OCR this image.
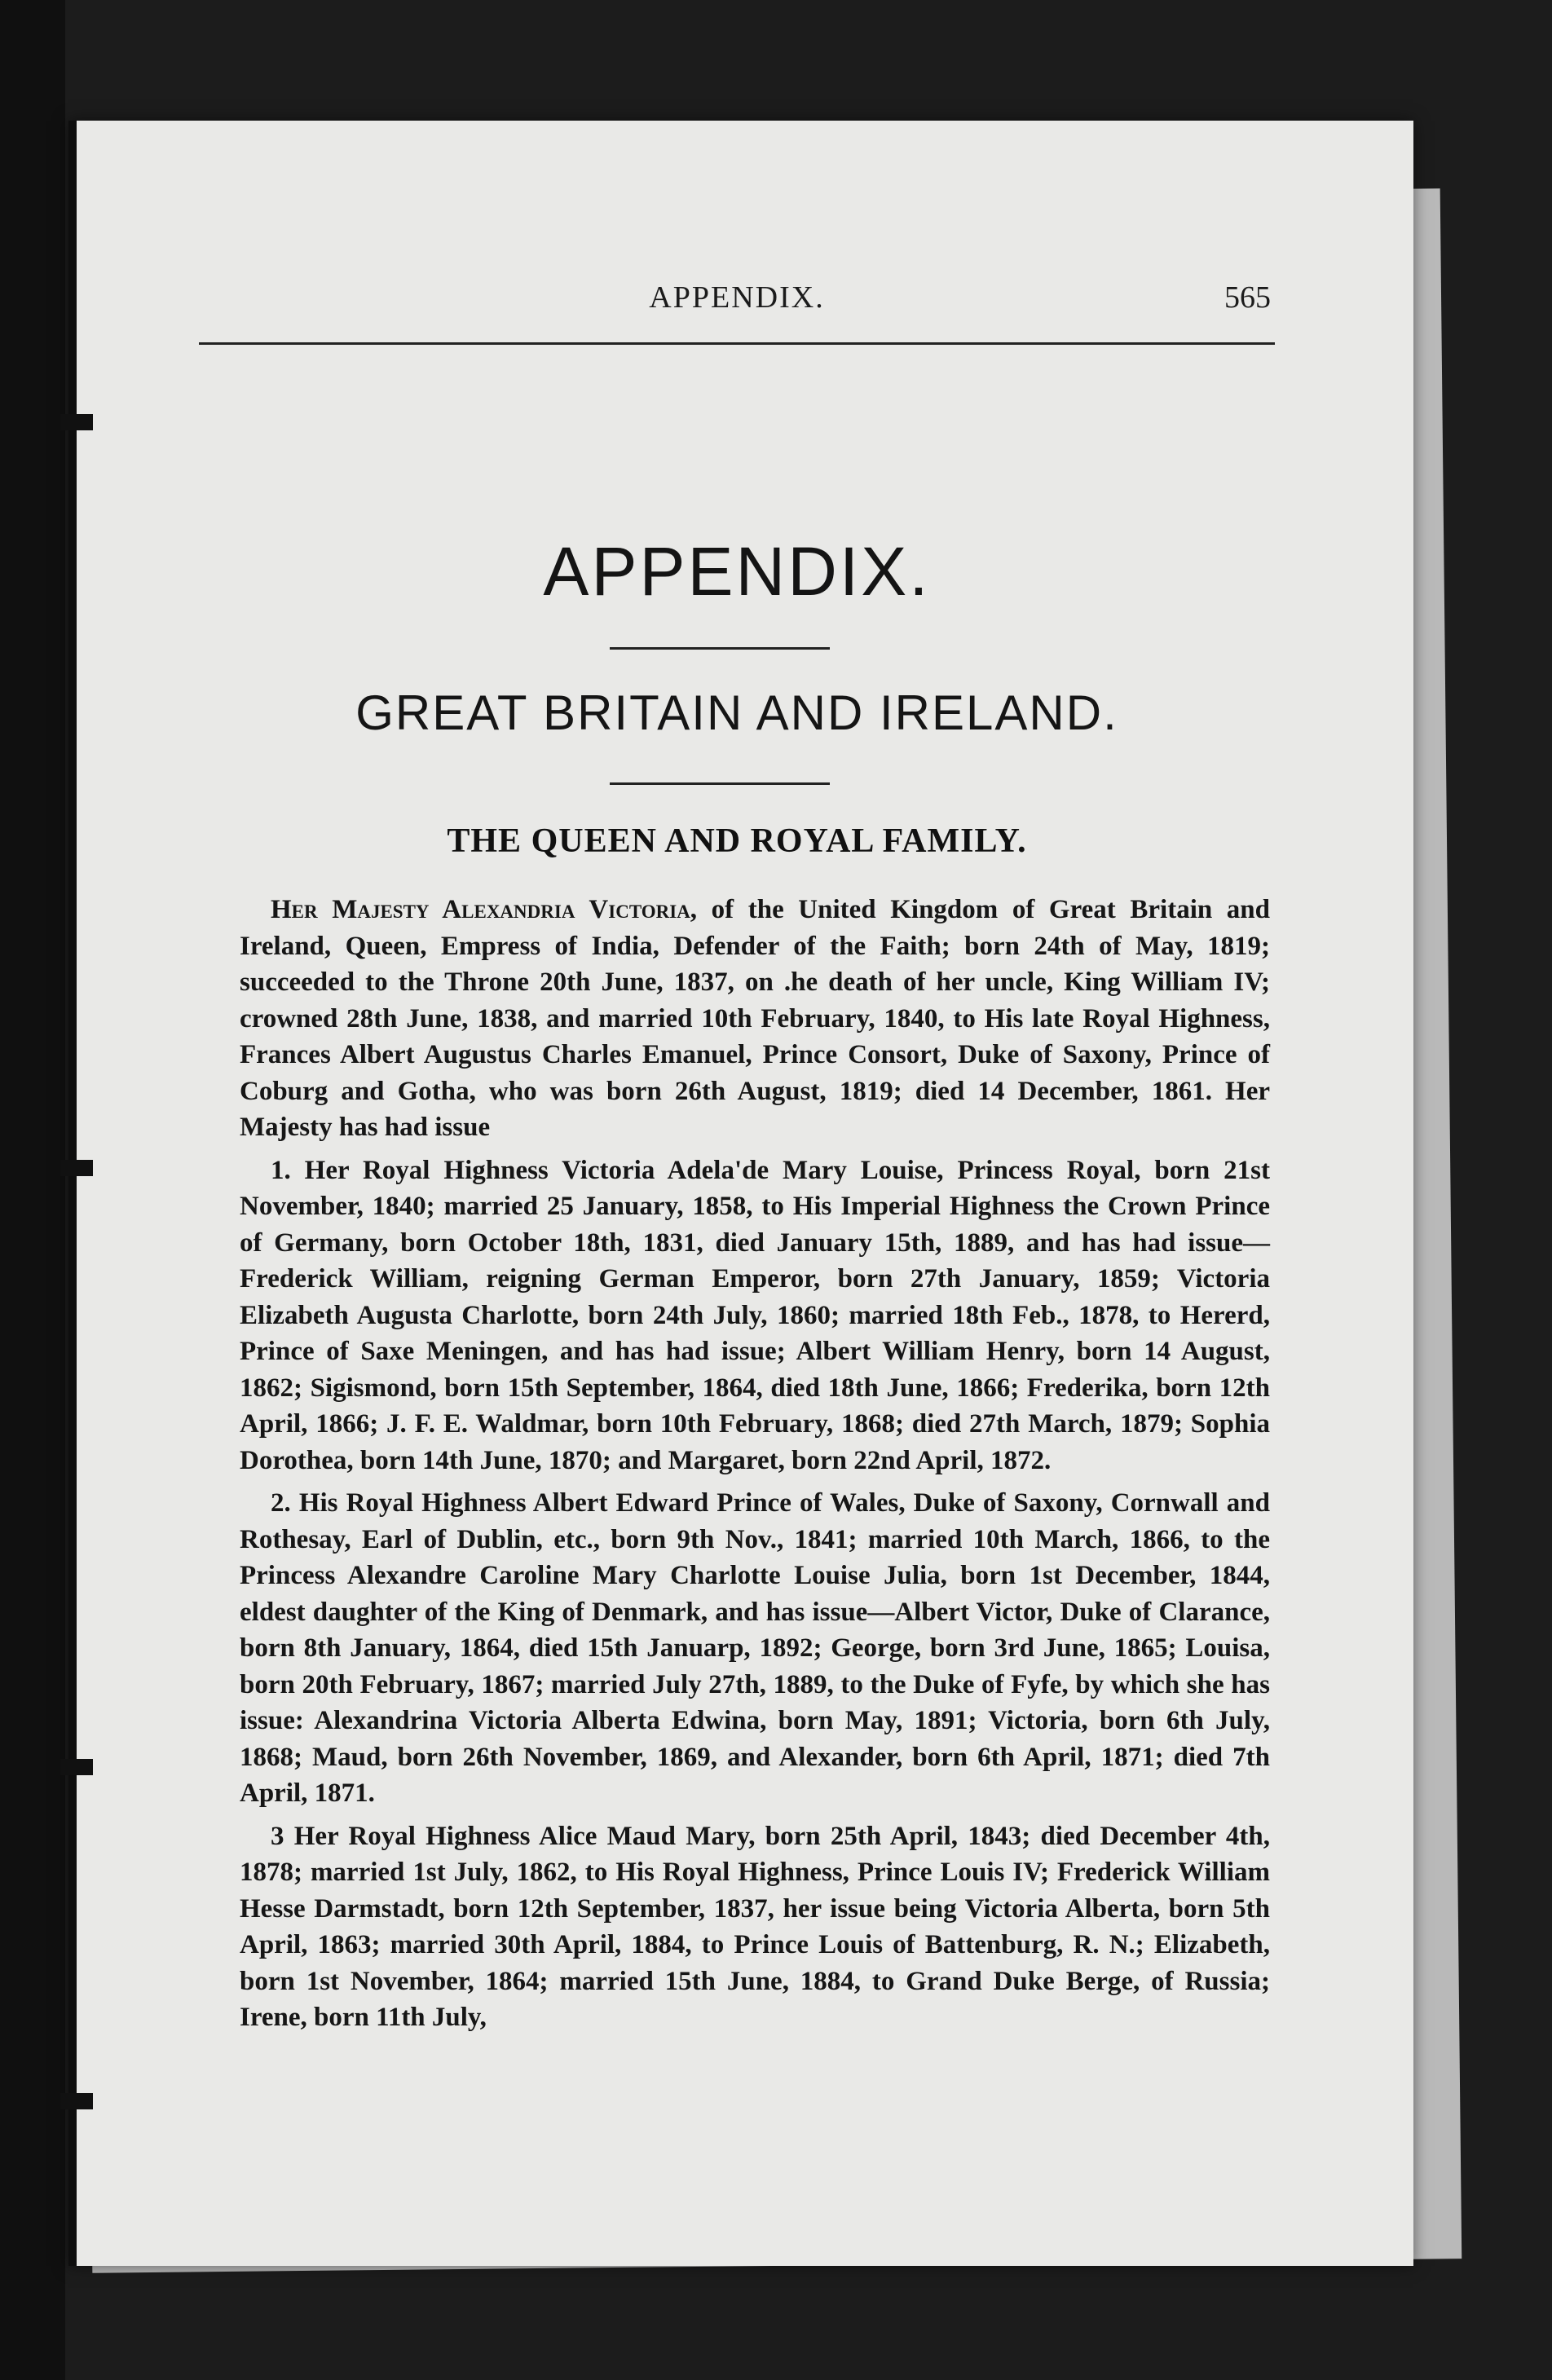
APPENDIX.	565
APPENDIX.
GREAT BRITAIN AND IRELAND.
THE QUEEN AND ROYAL FAMILY.

Her Majesty Alexandria Victoria, of the United Kingdom of Great Britain and Ireland, Queen, Empress of India, Defender of the Faith; born 24th of May, 1819; succeeded to the Throne 20th June, 1837, on .he death of her uncle, King William IV; crowned 28th June, 1838, and married 10th February, 1840, to His late Royal Highness, Frances Albert Augustus Charles Emanuel, Prince Consort, Duke of Saxony, Prince of Coburg and Gotha, who was born 26th August, 1819; died 14 December, 1861. Her Majesty has had issue

1. Her Royal Highness Victoria Adela'de Mary Louise, Princess Royal, born 21st November, 1840; married 25 January, 1858, to His Imperial Highness the Crown Prince of Germany, born October 18th, 1831, died January 15th, 1889, and has had issue—Frederick William, reigning German Emperor, born 27th January, 1859; Victoria Elizabeth Augusta Charlotte, born 24th July, 1860; married 18th Feb., 1878, to Hererd, Prince of Saxe Meningen, and has had issue; Albert William Henry, born 14 August, 1862; Sigismond, born 15th September, 1864, died 18th June, 1866; Frederika, born 12th April, 1866; J. F. E. Waldmar, born 10th February, 1868; died 27th March, 1879; Sophia Dorothea, born 14th June, 1870; and Margaret, born 22nd April, 1872.

2. His Royal Highness Albert Edward Prince of Wales, Duke of Saxony, Cornwall and Rothesay, Earl of Dublin, etc., born 9th Nov., 1841; married 10th March, 1866, to the Princess Alexandre Caroline Mary Charlotte Louise Julia, born 1st December, 1844, eldest daughter of the King of Denmark, and has issue—Albert Victor, Duke of Clarance, born 8th January, 1864, died 15th Januarp, 1892; George, born 3rd June, 1865; Louisa, born 20th February, 1867; married July 27th, 1889, to the Duke of Fyfe, by which she has issue: Alexandrina Victoria Alberta Edwina, born May, 1891; Victoria, born 6th July, 1868; Maud, born 26th November, 1869, and Alexander, born 6th April, 1871; died 7th April, 1871.

3 Her Royal Highness Alice Maud Mary, born 25th April, 1843; died December 4th, 1878; married 1st July, 1862, to His Royal Highness, Prince Louis IV; Frederick William Hesse Darmstadt, born 12th September, 1837, her issue being Victoria Alberta, born 5th April, 1863; married 30th April, 1884, to Prince Louis of Battenburg, R. N.; Elizabeth, born 1st November, 1864; married 15th June, 1884, to Grand Duke Berge, of Russia; Irene, born 11th July,
